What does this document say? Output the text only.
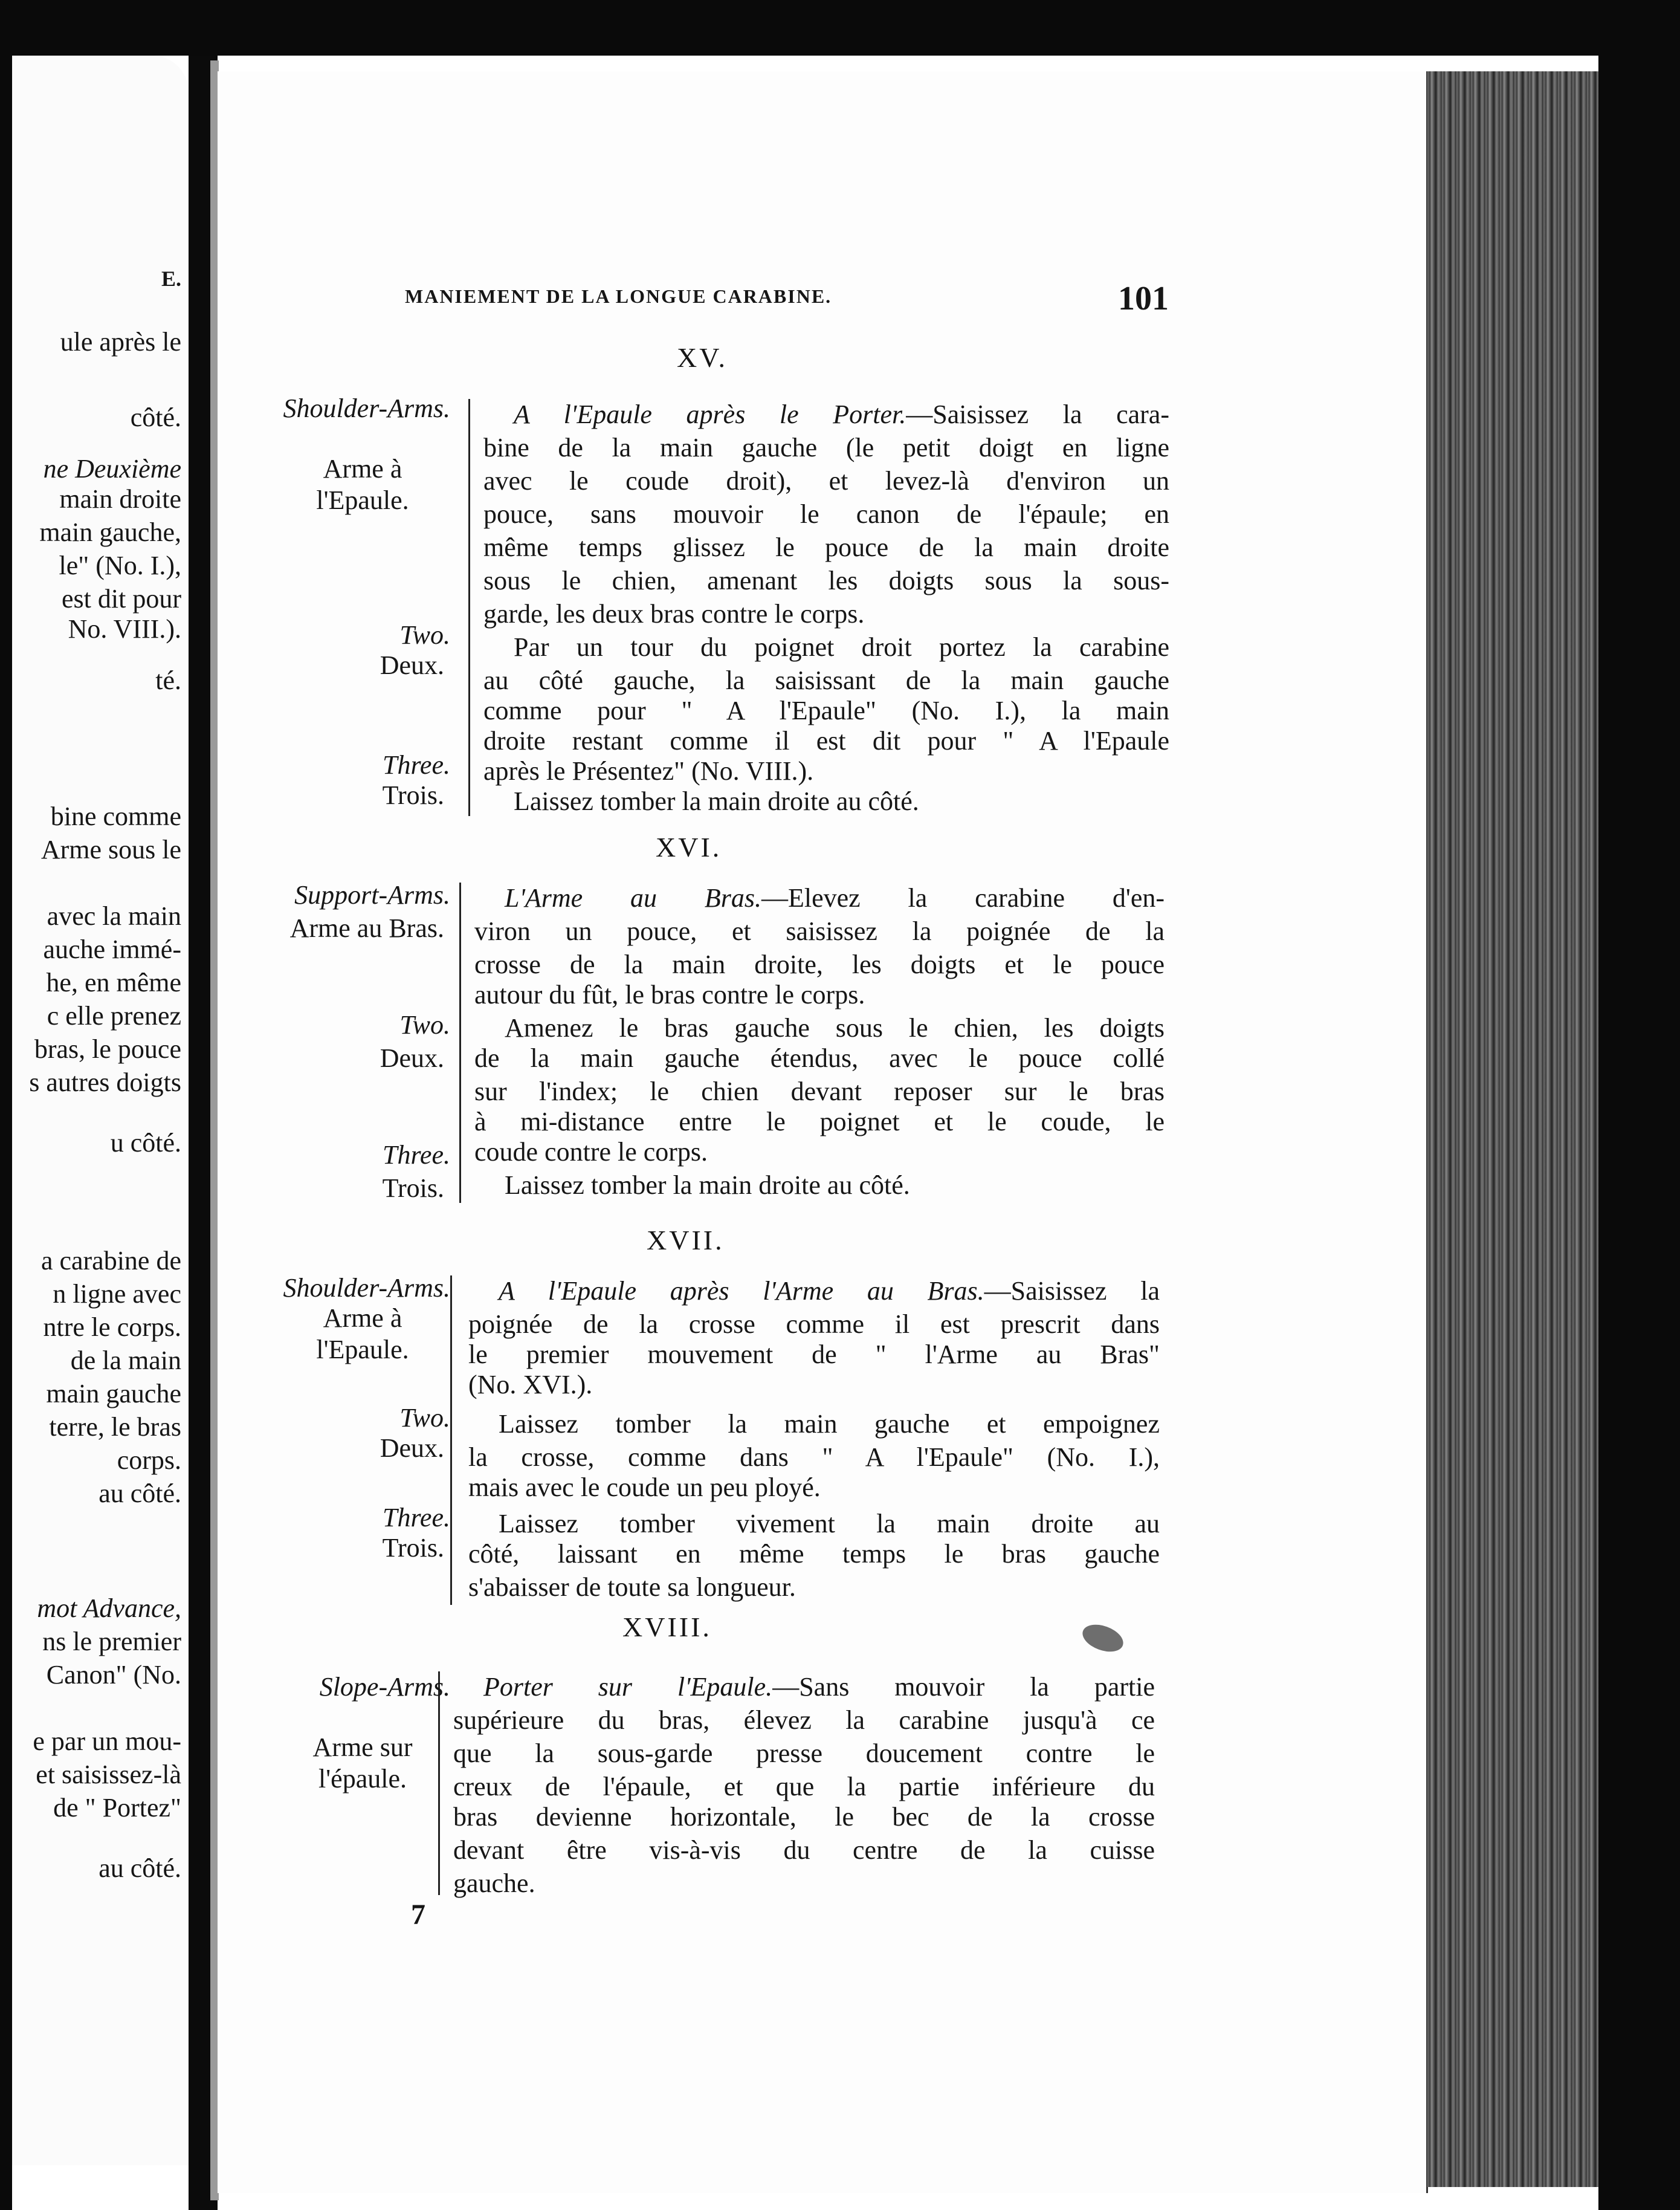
E.
ule après le
côté.
ne Deuxième
main droite
main gauche,
le" (No. I.),
est dit pour
No. VIII.).
té.
bine comme
Arme sous le
avec la main
auche immé-
he, en même
c elle prenez
bras, le pouce
s autres doigts
u côté.
a carabine de
n ligne avec
ntre le corps.
de la main
main gauche
terre, le bras
corps.
au côté.
mot Advance,
ns le premier
Canon" (No.
e par un mou-
et saisissez-là
de " Portez"
au côté.
MANIEMENT DE LA LONGUE CARABINE.	101
XV.
Shoulder-Arms.
Arme à
l'Epaule.
Two.
Deux.
Three.
Trois.
A l'Epaule après le Porter.—Saisissez la cara-
bine de la main gauche (le petit doigt en ligne
avec le coude droit), et levez-là d'environ un
pouce, sans mouvoir le canon de l'épaule; en
même temps glissez le pouce de la main droite
sous le chien, amenant les doigts sous la sous-
garde, les deux bras contre le corps.
Par un tour du poignet droit portez la carabine
au côté gauche, la saisissant de la main gauche
comme pour " A l'Epaule" (No. I.), la main
droite restant comme il est dit pour " A l'Epaule
après le Présentez" (No. VIII.).
Laissez tomber la main droite au côté.
XVI.
Support-Arms.
Arme au Bras.
Two.
Deux.
Three.
Trois.
L'Arme au Bras.—Elevez la carabine d'en-
viron un pouce, et saisissez la poignée de la
crosse de la main droite, les doigts et le pouce
autour du fût, le bras contre le corps.
Amenez le bras gauche sous le chien, les doigts
de la main gauche étendus, avec le pouce collé
sur l'index; le chien devant reposer sur le bras
à mi-distance entre le poignet et le coude, le
coude contre le corps.
Laissez tomber la main droite au côté.
XVII.
Shoulder-Arms.
Arme à
l'Epaule.
Two.
Deux.
Three.
Trois.
A l'Epaule après l'Arme au Bras.—Saisissez la
poignée de la crosse comme il est prescrit dans
le premier mouvement de " l'Arme au Bras"
(No. XVI.).
Laissez tomber la main gauche et empoignez
la crosse, comme dans " A l'Epaule" (No. I.),
mais avec le coude un peu ployé.
Laissez tomber vivement la main droite au
côté, laissant en même temps le bras gauche
s'abaisser de toute sa longueur.
XVIII.
Slope-Arms.
Arme sur
l'épaule.
Porter sur l'Epaule.—Sans mouvoir la partie
supérieure du bras, élevez la carabine jusqu'à ce
que la sous-garde presse doucement contre le
creux de l'épaule, et que la partie inférieure du
bras devienne horizontale, le bec de la crosse
devant être vis-à-vis du centre de la cuisse
gauche.
7
